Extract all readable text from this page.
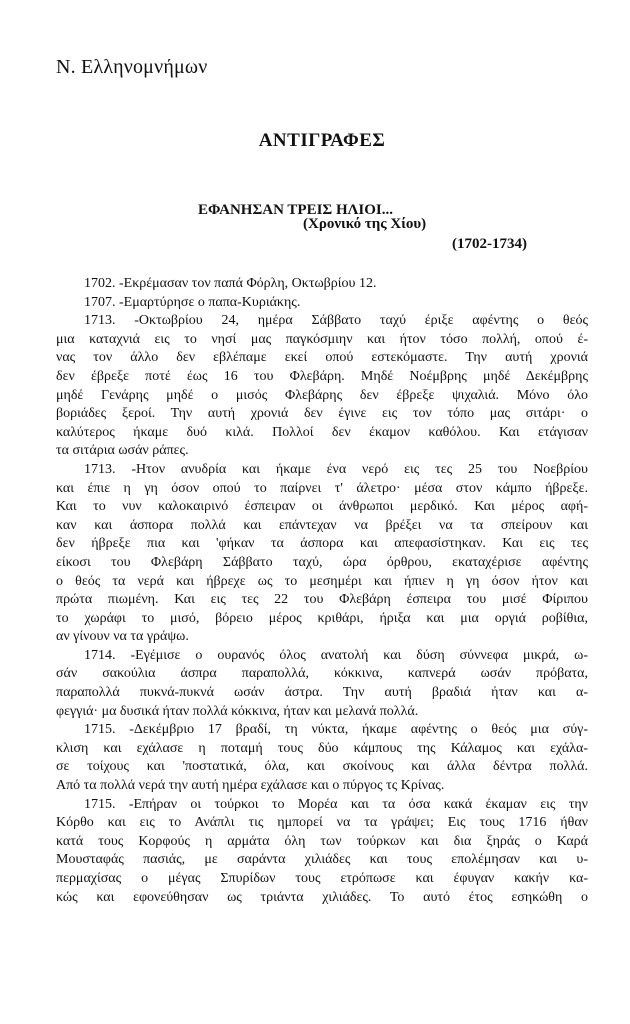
Ν. Ελληνομνήμων
ΑΝΤΙΓΡΑΦΕΣ
ΕΦΑΝΗΣΑΝ ΤΡΕΙΣ ΗΛΙΟΙ...
(Χρονικό της Χίου)
(1702-1734)
1702. -Εκρέμασαν τον παπά Φόρλη, Οκτωβρίου 12.
1707. -Εμαρτύρησε ο παπα-Κυριάκης.
1713. -Οκτωβρίου 24, ημέρα Σάββατο ταχύ έριξε αφέντης ο θεός
μια καταχνιά εις το νησί μας παγκόσμιην και ήτον τόσο πολλή, οπού έ-
νας τον άλλο δεν εβλέπαμε εκεί οπού εστεκόμαστε. Την αυτή χρονιά
δεν έβρεξε ποτέ έως 16 του Φλεβάρη. Μηδέ Νοέμβρης μηδέ Δεκέμβρης
μηδέ Γενάρης μηδέ ο μισός Φλεβάρης δεν έβρεξε ψιχαλιά. Μόνο όλο
βοριάδες ξεροί. Την αυτή χρονιά δεν έγινε εις τον τόπο μας σιτάρι· ο
καλύτερος ήκαμε δυό κιλά. Πολλοί δεν έκαμον καθόλου. Και ετάγισαν
τα σιτάρια ωσάν ράπες.
1713. -Ητον ανυδρία και ήκαμε ένα νερό εις τες 25 του Νοεβρίου
και έπιε η γη όσον οπού το παίρνει τ' άλετρο· μέσα στον κάμπο ήβρεξε.
Και το νυν καλοκαιρινό έσπειραν οι άνθρωποι μερδικό. Και μέρος αφή-
καν και άσπορα πολλά και επάντεχαν να βρέξει να τα σπείρουν και
δεν ήβρεξε πια και 'φήκαν τα άσπορα και απεφασίστηκαν. Και εις τες
είκοσι του Φλεβάρη Σάββατο ταχύ, ώρα όρθρου, εκαταχέρισε αφέντης
ο θεός τα νερά και ήβρεχε ως το μεσημέρι και ήπιεν η γη όσον ήτον και
πρώτα πιωμένη. Και εις τες 22 του Φλεβάρη έσπειρα του μισέ Φίριπου
το χωράφι το μισό, βόρειο μέρος κριθάρι, ήριξα και μια οργιά ροβίθια,
αν γίνουν να τα γράψω.
1714. -Εγέμισε ο ουρανός όλος ανατολή και δύση σύννεφα μικρά, ω-
σάν σακούλια άσπρα παραπολλά, κόκκινα, καπνερά ωσάν πρόβατα,
παραπολλά πυκνά-πυκνά ωσάν άστρα. Την αυτή βραδιά ήταν και α-
φεγγιά· μα δυσικά ήταν πολλά κόκκινα, ήταν και μελανά πολλά.
1715. -Δεκέμβριο 17 βραδί, τη νύκτα, ήκαμε αφέντης ο θεός μια σύγ-
κλιση και εχάλασε η ποταμή τους δύο κάμπους της Κάλαμος και εχάλα-
σε τοίχους και 'ποστατικά, όλα, και σκοίνους και άλλα δέντρα πολλά.
Από τα πολλά νερά την αυτή ημέρα εχάλασε και ο πύργος τς Κρίνας.
1715. -Επήραν οι τούρκοι το Μορέα και τα όσα κακά έκαμαν εις την
Κόρθο και εις το Ανάπλι τις ημπορεί να τα γράψει; Εις τους 1716 ήθαν
κατά τους Κορφούς η αρμάτα όλη των τούρκων και δια ξηράς ο Καρά
Μουσταφάς πασιάς, με σαράντα χιλιάδες και τους επολέμησαν και υ-
περμαχίσας ο μέγας Σπυρίδων τους ετρόπωσε και έφυγαν κακήν κα-
κώς και εφονεύθησαν ως τριάντα χιλιάδες. Το αυτό έτος εσηκώθη ο
